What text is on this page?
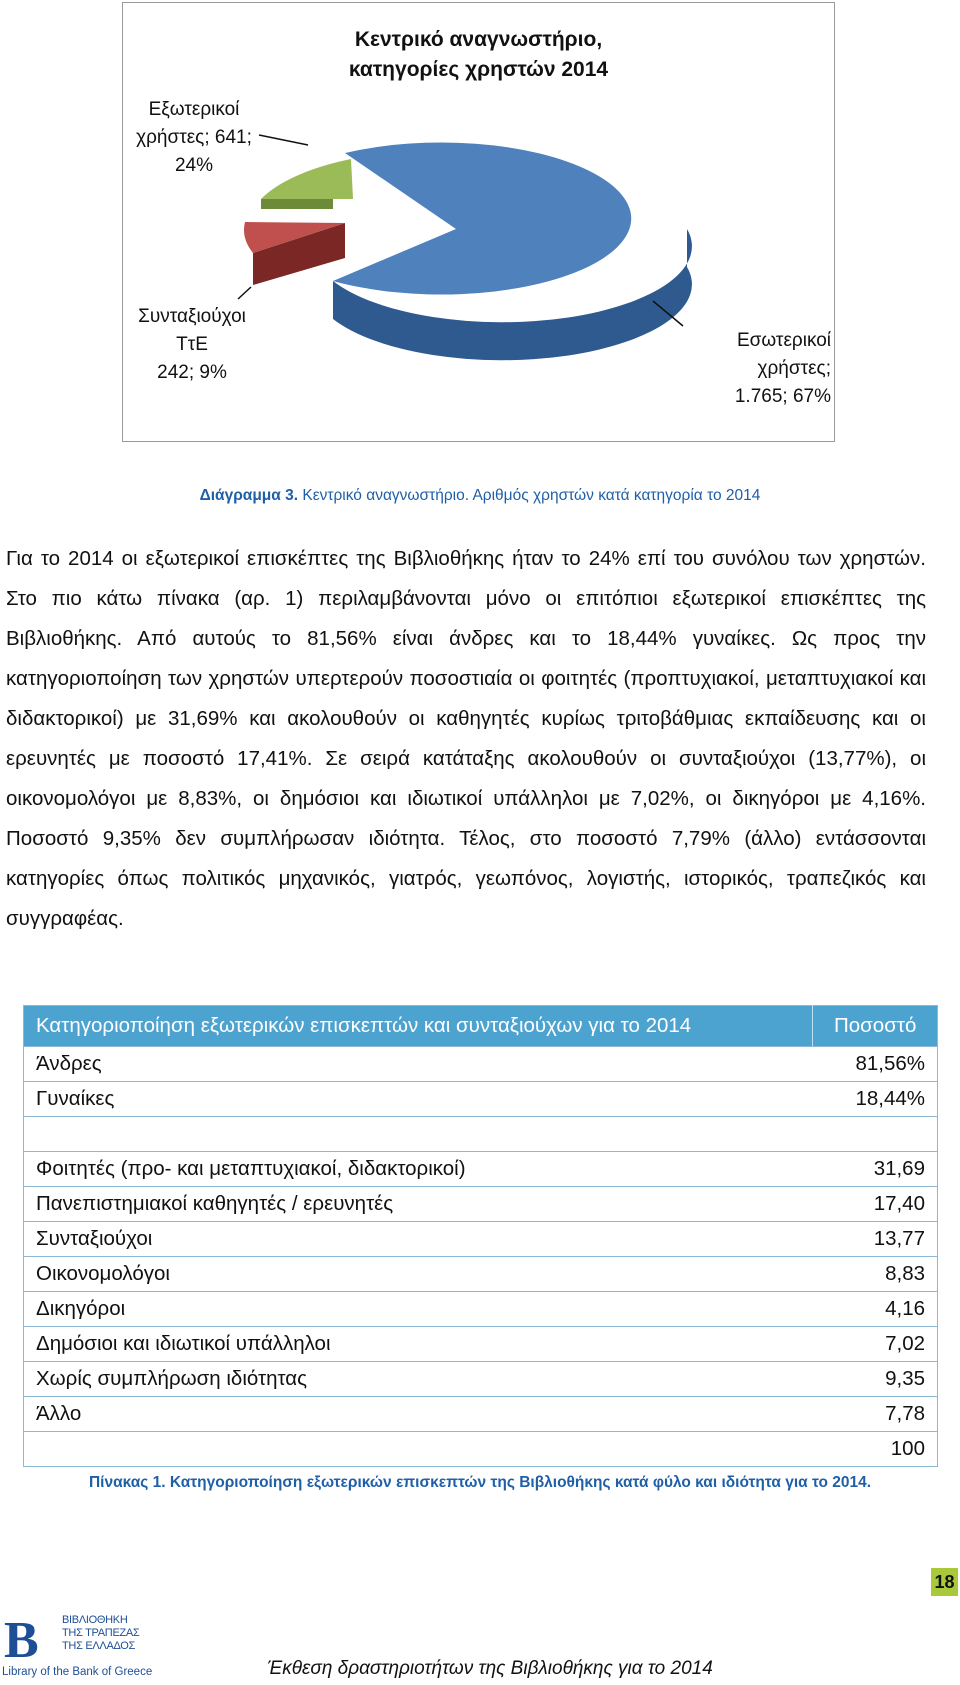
Κεντρικό αναγνωστήριο,
κατηγορίες χρηστών 2014
Εξωτερικοί
χρήστες; 641;
24%
Συνταξιούχοι
ΤτΕ
242; 9%
Εσωτερικοί
χρήστες;
1.765; 67%
Διάγραμμα 3. Κεντρικό αναγνωστήριο. Αριθμός χρηστών κατά κατηγορία το 2014
Για το 2014 οι εξωτερικοί επισκέπτες της Βιβλιοθήκης ήταν το 24% επί του συνόλου των χρηστών. Στο πιο κάτω πίνακα (αρ. 1) περιλαμβάνονται μόνο οι επιτόπιοι εξωτερικοί επισκέπτες της Βιβλιοθήκης. Από αυτούς το 81,56% είναι άνδρες και το 18,44% γυναίκες. Ως προς την κατηγοριοποίηση των χρηστών υπερτερούν ποσοστιαία οι φοιτητές (προπτυχιακοί, μεταπτυχιακοί και διδακτορικοί) με 31,69% και ακολουθούν οι καθηγητές κυρίως τριτοβάθμιας εκπαίδευσης και οι ερευνητές με ποσοστό 17,41%. Σε σειρά κατάταξης ακολουθούν οι συνταξιούχοι (13,77%), οι οικονομολόγοι με 8,83%, οι δημόσιοι και ιδιωτικοί υπάλληλοι με 7,02%, οι δικηγόροι με 4,16%. Ποσοστό 9,35% δεν συμπλήρωσαν ιδιότητα. Τέλος, στο ποσοστό 7,79% (άλλο) εντάσσονται κατηγορίες όπως πολιτικός μηχανικός, γιατρός, γεωπόνος, λογιστής, ιστορικός, τραπεζικός και συγγραφέας.
Κατηγοριοποίηση εξωτερικών επισκεπτών και συνταξιούχων για το 2014	Ποσοστό
Άνδρες	81,56%
Γυναίκες	18,44%

Φοιτητές (προ- και μεταπτυχιακοί, διδακτορικοί)	31,69
Πανεπιστημιακοί καθηγητές / ερευνητές	17,40
Συνταξιούχοι	13,77
Οικονομολόγοι	8,83
Δικηγόροι	4,16
Δημόσιοι και ιδιωτικοί υπάλληλοι	7,02
Χωρίς συμπλήρωση ιδιότητας	9,35
Άλλο	7,78
	100
Πίνακας 1. Κατηγοριοποίηση εξωτερικών επισκεπτών της Βιβλιοθήκης κατά φύλο και ιδιότητα για το 2014.
18
B ΒΙΒΛΙΟΘΗΚΗ
ΤΗΣ ΤΡΑΠΕΖΑΣ
ΤΗΣ ΕΛΛΑΔΟΣ
Library of the Bank of Greece	Έκθεση δραστηριοτήτων της Βιβλιοθήκης για το 2014
